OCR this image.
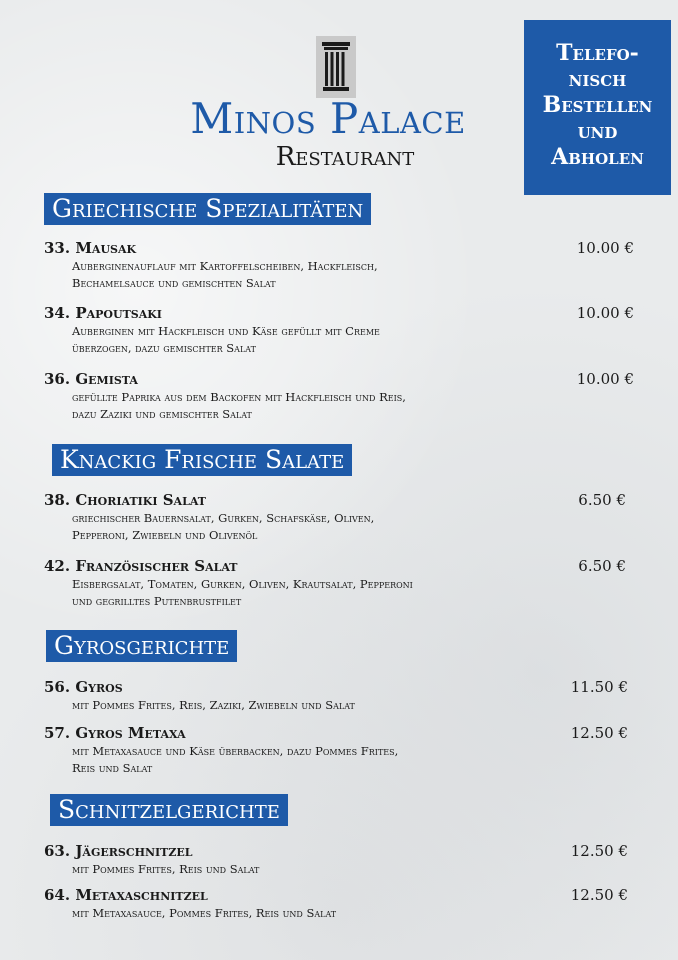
Minos Palace
Restaurant
Telefo-
nisch
Bestellen
und
Abholen
Griechische Spezialitäten
33. Mausak
Auberginenauflauf mit Kartoffelscheiben, Hackfleisch,
Bechamelsauce und gemischten Salat
10.00 €
34. Papoutsaki
Auberginen mit Hackfleisch und Käse gefüllt mit Creme
überzogen, dazu gemischter Salat
10.00 €
36. Gemista
gefüllte Paprika aus dem Backofen mit Hackfleisch und Reis,
dazu Zaziki und gemischter Salat
10.00 €
Knackig Frische Salate
38. Choriatiki Salat
griechischer Bauernsalat, Gurken, Schafskäse, Oliven,
Pepperoni, Zwiebeln und Olivenöl
6.50 €
42. Französischer Salat
Eisbergsalat, Tomaten, Gurken, Oliven, Krautsalat, Pepperoni
und gegrilltes Putenbrustfilet
6.50 €
Gyrosgerichte
56. Gyros
mit Pommes Frites, Reis, Zaziki, Zwiebeln und Salat
11.50 €
57. Gyros Metaxa
mit Metaxasauce und Käse überbacken, dazu Pommes Frites,
Reis und Salat
12.50 €
Schnitzelgerichte
63. Jägerschnitzel
mit Pommes Frites, Reis und Salat
12.50 €
64. Metaxaschnitzel
mit Metaxasauce, Pommes Frites, Reis und Salat
12.50 €
